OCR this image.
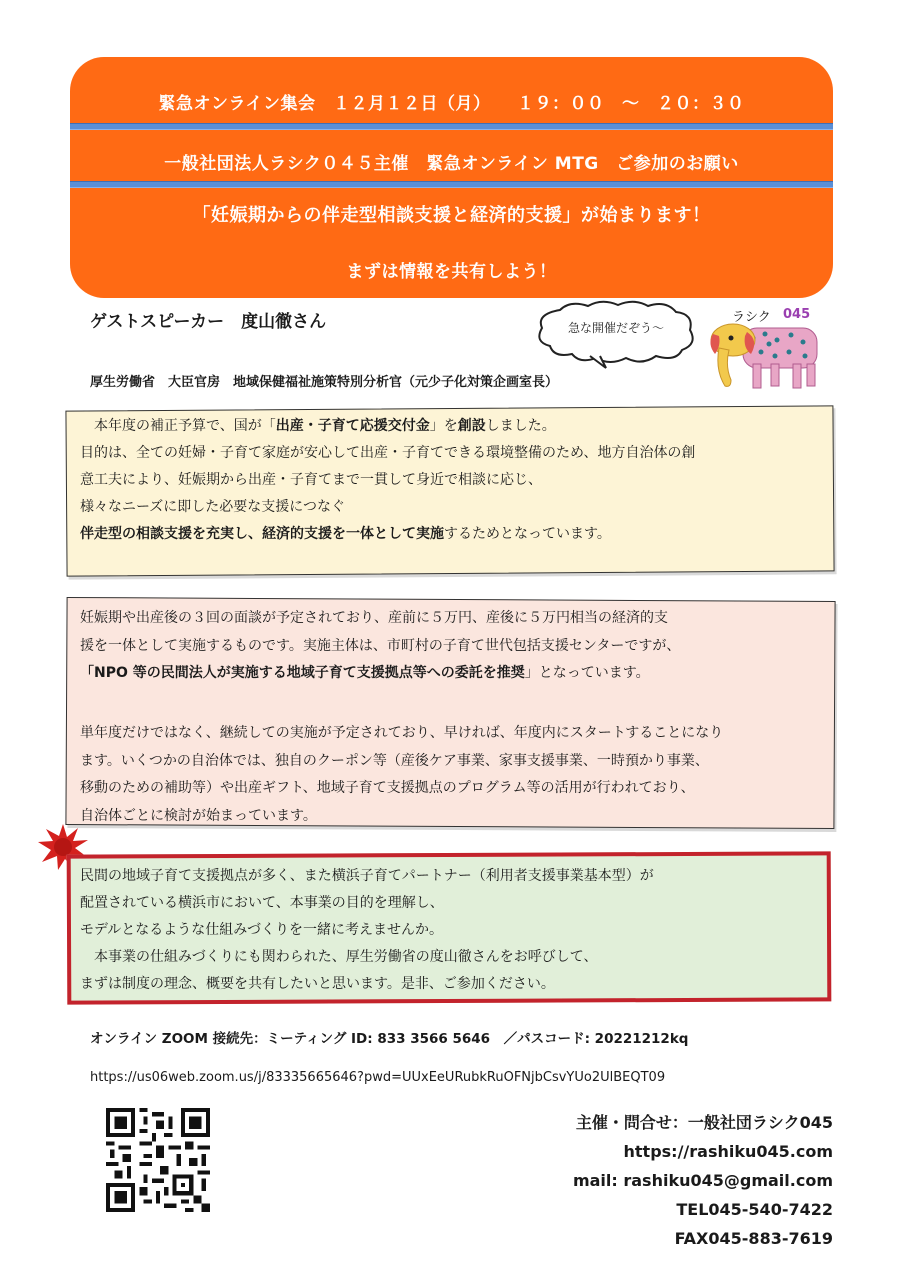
緊急オンライン集会　１２月１２日（月）　　１９：００　～　２０：３０
一般社団法人ラシク０４５主催　緊急オンライン MTG　ご参加のお願い
「妊娠期からの伴走型相談支援と経済的支援」が始まります！
まずは情報を共有しよう！
ゲストスピーカー　度山徹さん
厚生労働省　大臣官房　地域保健福祉施策特別分析官（元少子化対策企画室長）
急な開催だぞう～
ラシク 045

　本年度の補正予算で、国が「出産・子育て応援交付金」を創設しました。

目的は、全ての妊婦・子育て家庭が安心して出産・子育てできる環境整備のため、地方自治体の創

意工夫により、妊娠期から出産・子育てまで一貫して身近で相談に応じ、

様々なニーズに即した必要な支援につなぐ

伴走型の相談支援を充実し、経済的支援を一体として実施するためとなっています。

妊娠期や出産後の３回の面談が予定されており、産前に５万円、産後に５万円相当の経済的支

援を一体として実施するものです。実施主体は、市町村の子育て世代包括支援センターですが、

「NPO 等の民間法人が実施する地域子育て支援拠点等への委託を推奨」となっています。

単年度だけではなく、継続しての実施が予定されており、早ければ、年度内にスタートすることになり

ます。いくつかの自治体では、独自のクーポン等（産後ケア事業、家事支援事業、一時預かり事業、

移動のための補助等）や出産ギフト、地域子育て支援拠点のプログラム等の活用が行われており、

自治体ごとに検討が始まっています。

民間の地域子育て支援拠点が多く、また横浜子育てパートナー（利用者支援事業基本型）が

配置されている横浜市において、本事業の目的を理解し、

モデルとなるような仕組みづくりを一緒に考えませんか。

　本事業の仕組みづくりにも関わられた、厚生労働省の度山徹さんをお呼びして、

まずは制度の理念、概要を共有したいと思います。是非、ご参加ください。

オンライン ZOOM 接続先：ミーティング ID: 833 3566 5646　／パスコード: 20221212kq
https://us06web.zoom.us/j/83335665646?pwd=UUxEeURubkRuOFNjbCsvYUo2UlBEQT09
主催・問合せ：一般社団ラシク045
https://rashiku045.com
mail: rashiku045@gmail.com
TEL045-540-7422
FAX045-883-7619
